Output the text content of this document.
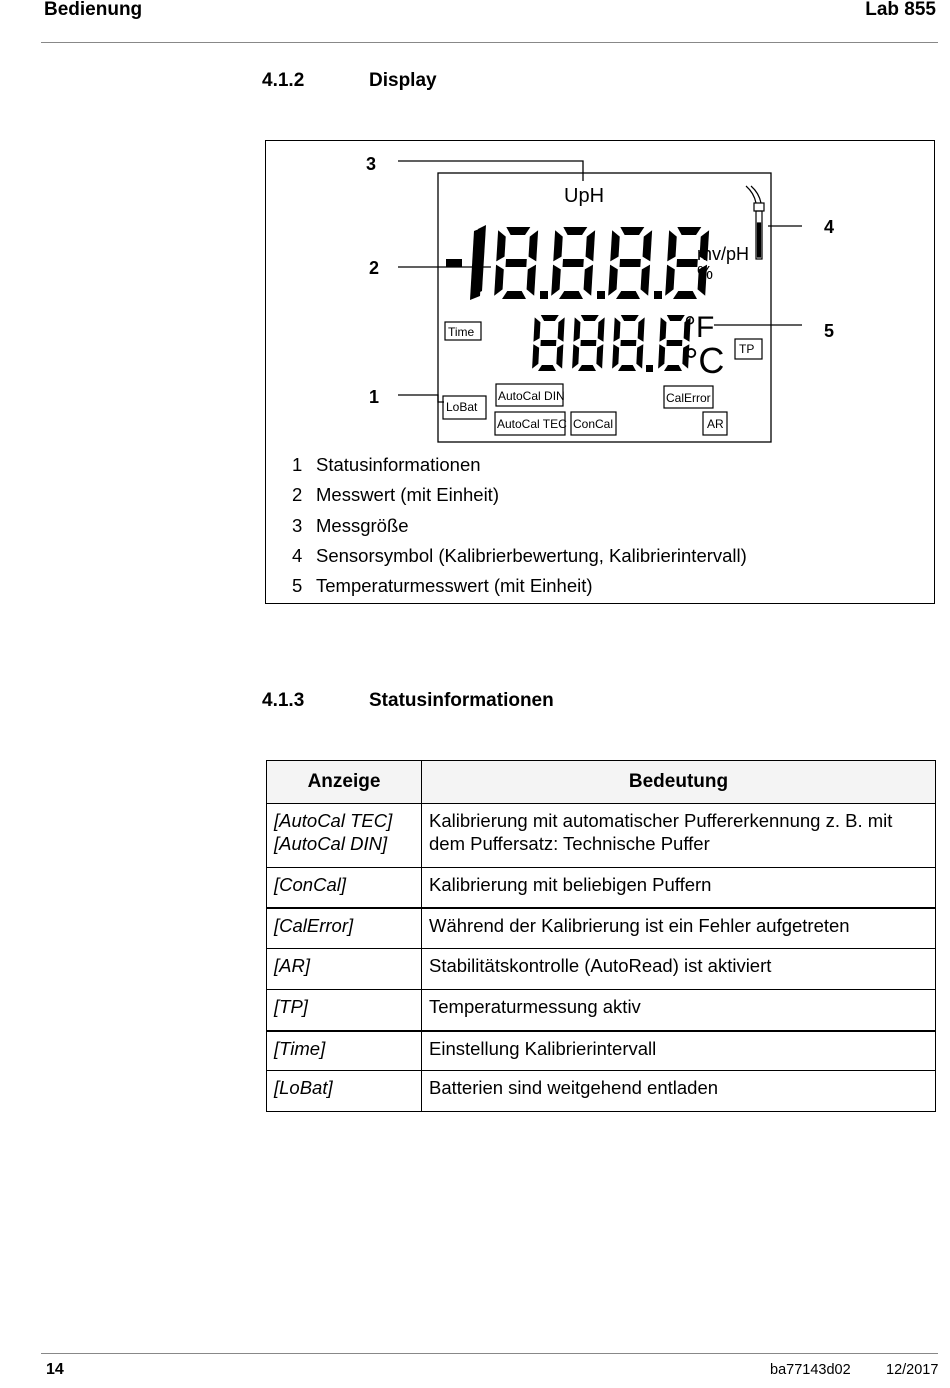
Bedienung	Lab 855
4.1.2	Display
3
2
1
4
5
UpH
mv/pH
%
°F
°C
Time
TP
LoBat
AutoCal DIN
AutoCal TEC ConCal
CalError
AR
1 Statusinformationen
2 Messwert (mit Einheit)
3 Messgröße
4 Sensorsymbol (Kalibrierbewertung, Kalibrierintervall)
5 Temperaturmesswert (mit Einheit)
4.1.3	Statusinformationen
Anzeige	Bedeutung

[AutoCal TEC]
[AutoCal DIN]	Kalibrierung mit automatischer Puffererkennung z. B. mit dem Puffersatz: Technische Puffer
[ConCal]	Kalibrierung mit beliebigen Puffern
[CalError]	Während der Kalibrierung ist ein Fehler aufgetreten
[AR]	Stabilitätskontrolle (AutoRead) ist aktiviert
[TP]	Temperaturmessung aktiv
[Time]	Einstellung Kalibrierintervall
[LoBat]	Batterien sind weitgehend entladen
14	ba77143d02 12/2017
